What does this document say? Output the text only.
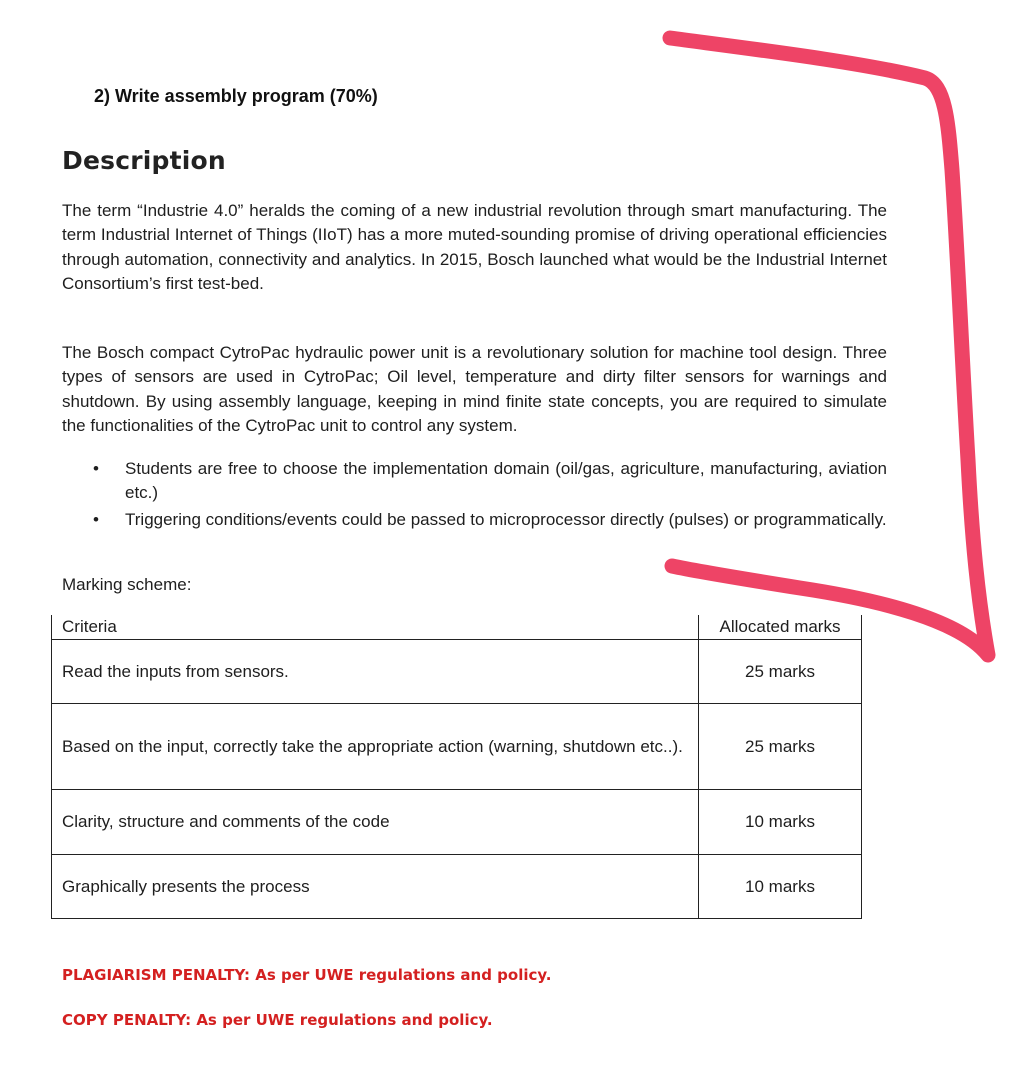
2) Write assembly program (70%)
Description
The term “Industrie 4.0” heralds the coming of a new industrial revolution through smart manufacturing. The term Industrial Internet of Things (IIoT) has a more muted-sounding promise of driving operational efficiencies through automation, connectivity and analytics. In 2015, Bosch launched what would be the Industrial Internet Consortium’s first test-bed.
The Bosch compact CytroPac hydraulic power unit is a revolutionary solution for machine tool design. Three types of sensors are used in CytroPac; Oil level, temperature and dirty filter sensors for warnings and shutdown. By using assembly language, keeping in mind finite state concepts, you are required to simulate the functionalities of the CytroPac unit to control any system.
• Students are free to choose the implementation domain (oil/gas, agriculture, manufacturing, aviation etc.)
• Triggering conditions/events could be passed to microprocessor directly (pulses) or programmatically.
Marking scheme:
Criteria	Allocated marks
Read the inputs from sensors.	25 marks
Based on the input, correctly take the appropriate action (warning, shutdown etc..).	25 marks
Clarity, structure and comments of the code	10 marks
Graphically presents the process	10 marks
PLAGIARISM PENALTY: As per UWE regulations and policy.
COPY PENALTY: As per UWE regulations and policy.
